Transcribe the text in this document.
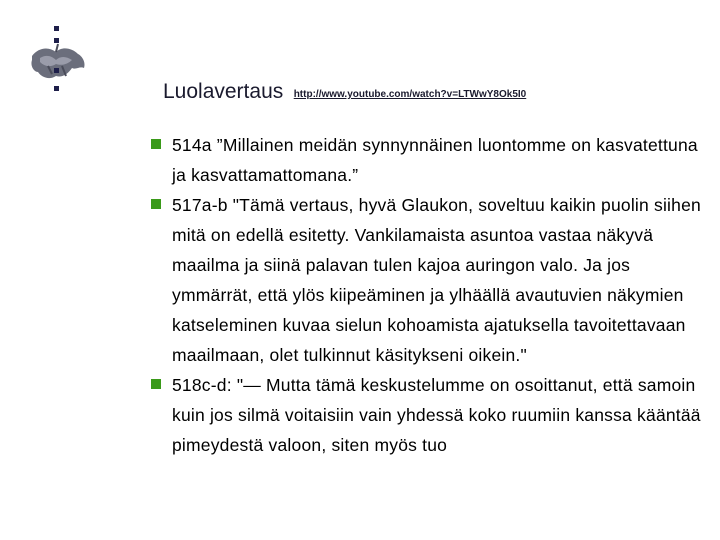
Luolavertaus http://www.youtube.com/watch?v=LTWwY8Ok5I0
514a ”Millainen meidän synnynnäinen luontomme on kasvatettuna ja kasvattamattomana.”
517a-b "Tämä vertaus, hyvä Glaukon, soveltuu kaikin puolin siihen mitä on edellä esitetty. Vankilamaista asuntoa vastaa näkyvä maailma ja siinä palavan tulen kajoa auringon valo. Ja jos ymmärrät, että ylös kiipeäminen ja ylhäällä avautuvien näkymien katseleminen kuvaa sielun kohoamista ajatuksella tavoitettavaan maailmaan, olet tulkinnut käsitykseni oikein."
518c-d: "— Mutta tämä keskustelumme on osoittanut, että samoin kuin jos silmä voitaisiin vain yhdessä koko ruumiin kanssa kääntää pimeydestä valoon, siten myös tuo
